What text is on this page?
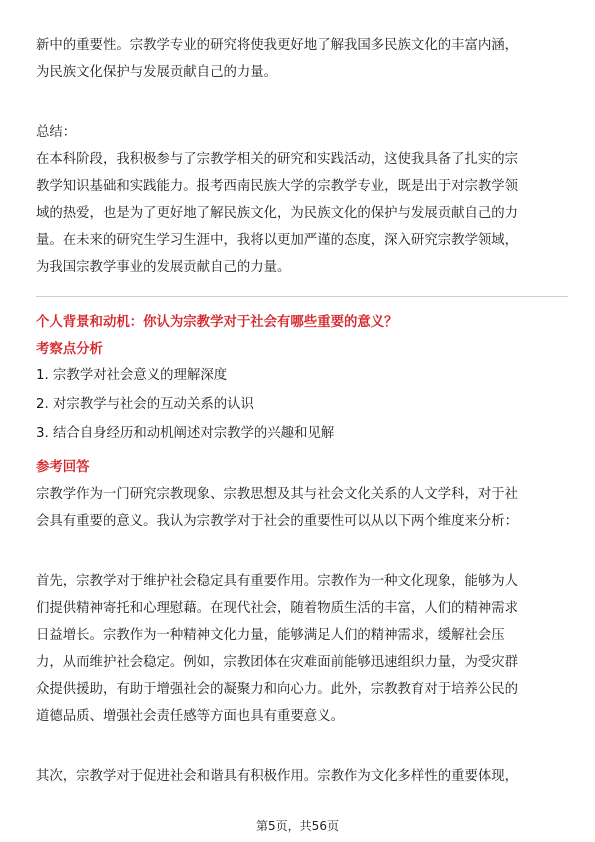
新中的重要性。宗教学专业的研究将使我更好地了解我国多民族文化的丰富内涵，
为民族文化保护与发展贡献自己的力量。
总结：
在本科阶段，我积极参与了宗教学相关的研究和实践活动，这使我具备了扎实的宗
教学知识基础和实践能力。报考西南民族大学的宗教学专业，既是出于对宗教学领
域的热爱，也是为了更好地了解民族文化，为民族文化的保护与发展贡献自己的力
量。在未来的研究生学习生涯中，我将以更加严谨的态度，深入研究宗教学领域，
为我国宗教学事业的发展贡献自己的力量。
个人背景和动机：你认为宗教学对于社会有哪些重要的意义？
考察点分析
1. 宗教学对社会意义的理解深度
2. 对宗教学与社会的互动关系的认识
3. 结合自身经历和动机阐述对宗教学的兴趣和见解
参考回答
宗教学作为一门研究宗教现象、宗教思想及其与社会文化关系的人文学科，对于社
会具有重要的意义。我认为宗教学对于社会的重要性可以从以下两个维度来分析：
首先，宗教学对于维护社会稳定具有重要作用。宗教作为一种文化现象，能够为人
们提供精神寄托和心理慰藉。在现代社会，随着物质生活的丰富，人们的精神需求
日益增长。宗教作为一种精神文化力量，能够满足人们的精神需求，缓解社会压
力，从而维护社会稳定。例如，宗教团体在灾难面前能够迅速组织力量，为受灾群
众提供援助，有助于增强社会的凝聚力和向心力。此外，宗教教育对于培养公民的
道德品质、增强社会责任感等方面也具有重要意义。
其次，宗教学对于促进社会和谐具有积极作用。宗教作为文化多样性的重要体现，
第5页，共56页
